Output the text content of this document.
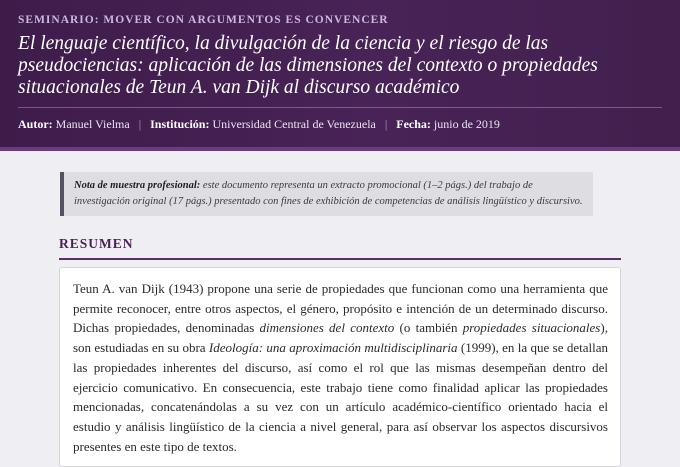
SEMINARIO: MOVER CON ARGUMENTOS ES CONVENCER
El lenguaje científico, la divulgación de la ciencia y el riesgo de las pseudociencias: aplicación de las dimensiones del contexto o propiedades situacionales de Teun A. van Dijk al discurso académico
Autor: Manuel Vielma | Institución: Universidad Central de Venezuela | Fecha: junio de 2019
Nota de muestra profesional: este documento representa un extracto promocional (1–2 págs.) del trabajo de investigación original (17 págs.) presentado con fines de exhibición de competencias de análisis lingüístico y discursivo.
RESUMEN

Teun A. van Dijk (1943) propone una serie de propiedades que funcionan como una herramienta que permite reconocer, entre otros aspectos, el género, propósito e intención de un determinado discurso. Dichas propiedades, denominadas dimensiones del contexto (o también propiedades situacionales), son estudiadas en su obra Ideología: una aproximación multidisciplinaria (1999), en la que se detallan las propiedades inherentes del discurso, así como el rol que las mismas desempeñan dentro del ejercicio comunicativo. En consecuencia, este trabajo tiene como finalidad aplicar las propiedades mencionadas, concatenándolas a su vez con un artículo académico-científico orientado hacia el estudio y análisis lingüístico de la ciencia a nivel general, para así observar los aspectos discursivos presentes en este tipo de textos.
